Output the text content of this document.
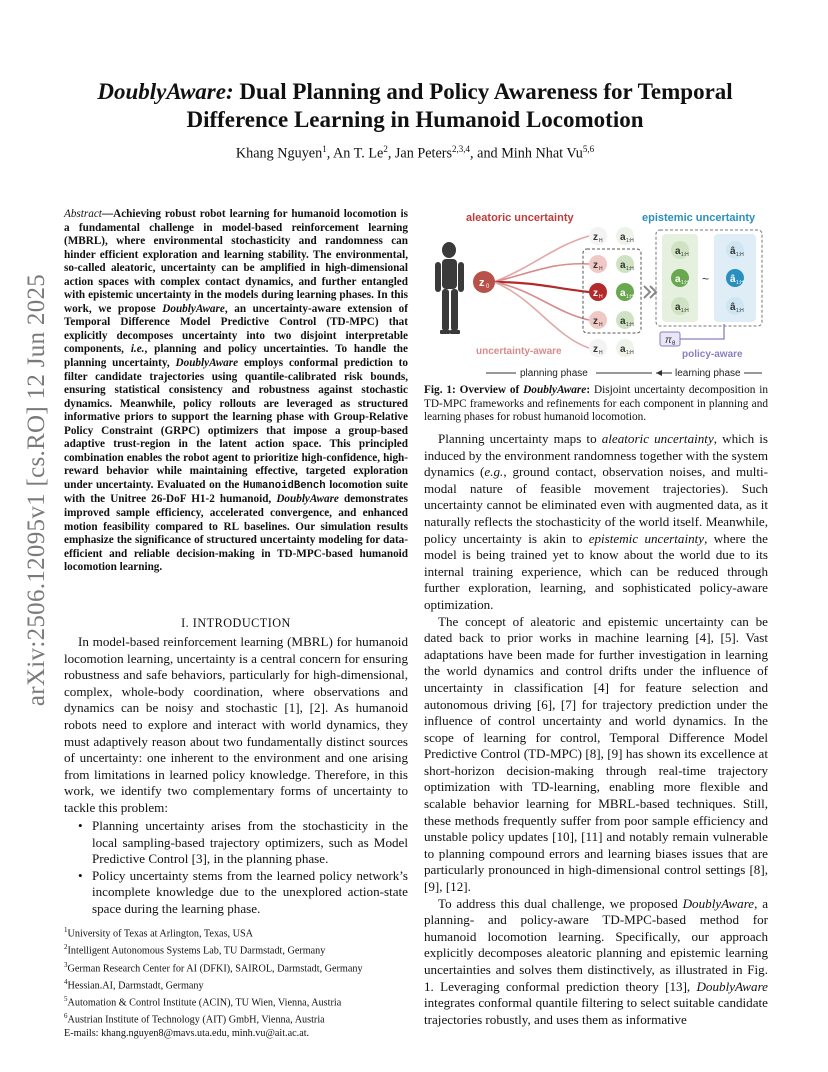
DoublyAware: Dual Planning and Policy Awareness for Temporal
Difference Learning in Humanoid Locomotion
Khang Nguyen$^1$, An T. Le$^2$, Jan Peters$^{2,3,4}$, and Minh Nhat Vu$^{5,6}$
arXiv:2506.12095v1 [cs.RO] 12 Jun 2025
Abstract—Achieving robust robot learning for humanoid locomotion is a fundamental challenge in model-based reinforcement learning (MBRL), where environmental stochasticity and randomness can hinder efficient exploration and learning stability. The environmental, so-called aleatoric, uncertainty can be amplified in high-dimensional action spaces with complex contact dynamics, and further entangled with epistemic uncertainty in the models during learning phases. In this work, we propose DoublyAware, an uncertainty-aware extension of Temporal Difference Model Predictive Control (TD-MPC) that explicitly decomposes uncertainty into two disjoint interpretable components, i.e., planning and policy uncertainties. To handle the planning uncertainty, DoublyAware employs conformal prediction to filter candidate trajectories using quantile-calibrated risk bounds, ensuring statistical consistency and robustness against stochastic dynamics. Meanwhile, policy rollouts are leveraged as structured informative priors to support the learning phase with Group-Relative Policy Constraint (GRPC) optimizers that impose a group-based adaptive trust-region in the latent action space. This principled combination enables the robot agent to prioritize high-confidence, high-reward behavior while maintaining effective, targeted exploration under uncertainty. Evaluated on the HumanoidBench locomotion suite with the Unitree 26-DoF H1-2 humanoid, DoublyAware demonstrates improved sample efficiency, accelerated convergence, and enhanced motion feasibility compared to RL baselines. Our simulation results emphasize the significance of structured uncertainty modeling for data-efficient and reliable decision-making in TD-MPC-based humanoid locomotion learning.
I. INTRODUCTION

In model-based reinforcement learning (MBRL) for humanoid locomotion learning, uncertainty is a central concern for ensuring robustness and safe behaviors, particularly for high-dimensional, complex, whole-body coordination, where observations and dynamics can be noisy and stochastic [1], [2]. As humanoid robots need to explore and interact with world dynamics, they must adaptively reason about two fundamentally distinct sources of uncertainty: one inherent to the environment and one arising from limitations in learned policy knowledge. Therefore, in this work, we identify two complementary forms of uncertainty to tackle this problem:

• Planning uncertainty arises from the stochasticity in the local sampling-based trajectory optimizers, such as Model Predictive Control [3], in the planning phase.
• Policy uncertainty stems from the learned policy network’s incomplete knowledge due to the unexplored action-state space during the learning phase.
$^1$University of Texas at Arlington, Texas, USA
$^2$Intelligent Autonomous Systems Lab, TU Darmstadt, Germany
$^3$German Research Center for AI (DFKI), SAIROL, Darmstadt, Germany
$^4$Hessian.AI, Darmstadt, Germany
$^5$Automation & Control Institute (ACIN), TU Wien, Vienna, Austria
$^6$Austrian Institute of Technology (AIT) GmbH, Vienna, Austria
E-mails: khang.nguyen8@mavs.uta.edu, minh.vu@ait.ac.at.
aleatoric uncertainty	epistemic uncertainty
z 0
z H
z H
z H
z H
z H
a 1:H
a 1:H
a 1:H
a 1:H
a 1:H
a 1:H
a 1:H
a 1:H
~
â 1:H
â 1:H
â 1:H
π θ
uncertainty-aware	policy-aware
planning phase	learning phase
Fig. 1: Overview of DoublyAware: Disjoint uncertainty decomposition in TD-MPC frameworks and refinements for each component in planning and learning phases for robust humanoid locomotion.

Planning uncertainty maps to aleatoric uncertainty, which is induced by the environment randomness together with the system dynamics (e.g., ground contact, observation noises, and multi-modal nature of feasible movement trajectories). Such uncertainty cannot be eliminated even with augmented data, as it naturally reflects the stochasticity of the world itself. Meanwhile, policy uncertainty is akin to epistemic uncertainty, where the model is being trained yet to know about the world due to its internal training experience, which can be reduced through further exploration, learning, and sophisticated policy-aware optimization.

The concept of aleatoric and epistemic uncertainty can be dated back to prior works in machine learning [4], [5]. Vast adaptations have been made for further investigation in learning the world dynamics and control drifts under the influence of uncertainty in classification [4] for feature selection and autonomous driving [6], [7] for trajectory prediction under the influence of control uncertainty and world dynamics. In the scope of learning for control, Temporal Difference Model Predictive Control (TD-MPC) [8], [9] has shown its excellence at short-horizon decision-making through real-time trajectory optimization with TD-learning, enabling more flexible and scalable behavior learning for MBRL-based techniques. Still, these methods frequently suffer from poor sample efficiency and unstable policy updates [10], [11] and notably remain vulnerable to planning compound errors and learning biases issues that are particularly pronounced in high-dimensional control settings [8], [9], [12].

To address this dual challenge, we proposed DoublyAware, a planning- and policy-aware TD-MPC-based method for humanoid locomotion learning. Specifically, our approach explicitly decomposes aleatoric planning and epistemic learning uncertainties and solves them distinctively, as illustrated in Fig. 1. Leveraging conformal prediction theory [13], DoublyAware integrates conformal quantile filtering to select suitable candidate trajectories robustly, and uses them as informative
